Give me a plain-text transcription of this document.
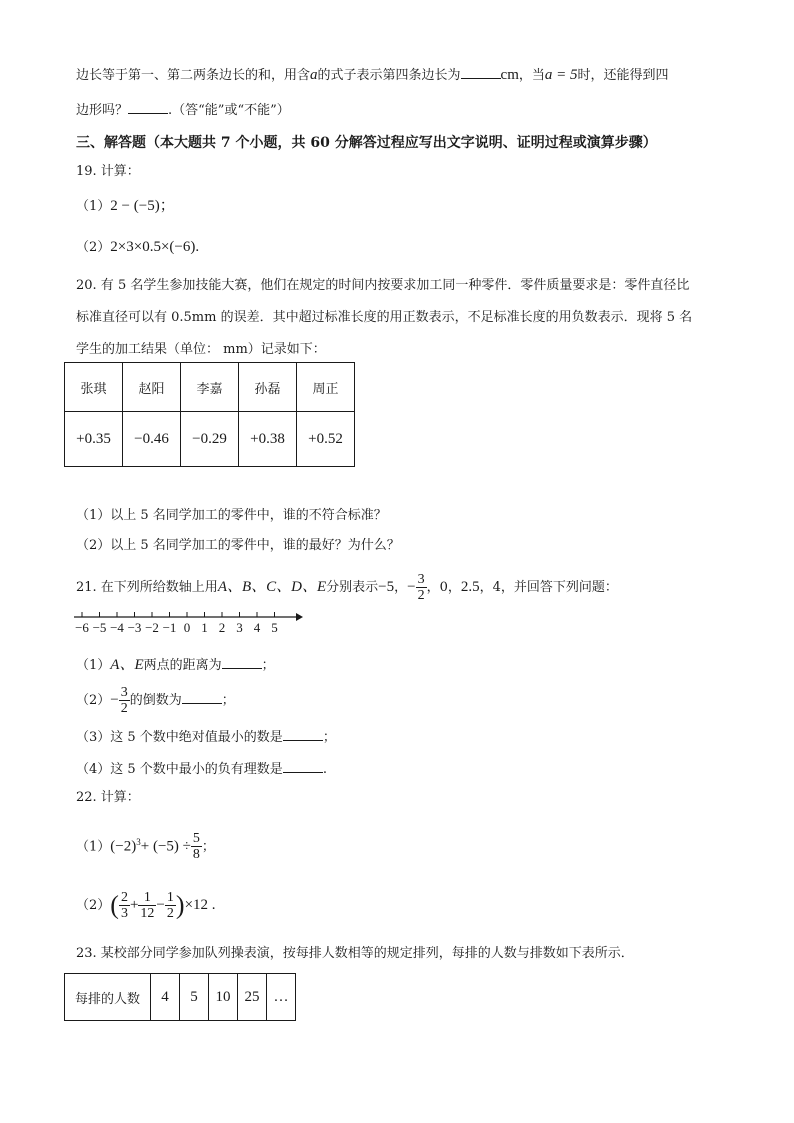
边长等于第一、第二两条边长的和，用含a的式子表示第四条边长为	cm，当a = 5时，还能得到四
边形吗？	.（答“能”或“不能”）
三、解答题（本大题共 7 个小题，共 60 分解答过程应写出文字说明、证明过程或演算步骤）
19. 计算：
（1）2 − (−5)；
（2）2×3×0.5×(−6).
20. 有 5 名学生参加技能大赛，他们在规定的时间内按要求加工同一种零件．零件质量要求是：零件直径比
标准直径可以有 0.5mm 的误差．其中超过标准长度的用正数表示，不足标准长度的用负数表示．现将 5 名
学生的加工结果（单位： mm）记录如下：
张琪	赵阳	李嘉	孙磊	周正
+0.35	−0.46	−0.29	+0.38	+0.52
（1）以上 5 名同学加工的零件中，谁的不符合标准？
（2）以上 5 名同学加工的零件中，谁的最好？为什么？
21. 在下列所给数轴上用A、B、C、D、E分别表示−5，− $\frac{3}{2}$ ，0，2.5，4，并回答下列问题：
−6 −5 −4 −3 −2 −1 0 1 2 3 4 5
（1）A、E两点的距离为	；
$(2)- \frac{3}{2}$ 的倒数为	；
（3）这 5 个数中绝对值最小的数是	；
（4）这 5 个数中最小的负有理数是	.
22. 计算：
$(1)(-2)^3+ (-5) \div \frac{5}{8}$ ；
$(2)( \frac{2}{3} + \frac{1}{12} - \frac{1}{2} )\times 12$ .
23. 某校部分同学参加队列操表演，按每排人数相等的规定排列，每排的人数与排数如下表所示．
每排的人数	4	5	10	25	…
